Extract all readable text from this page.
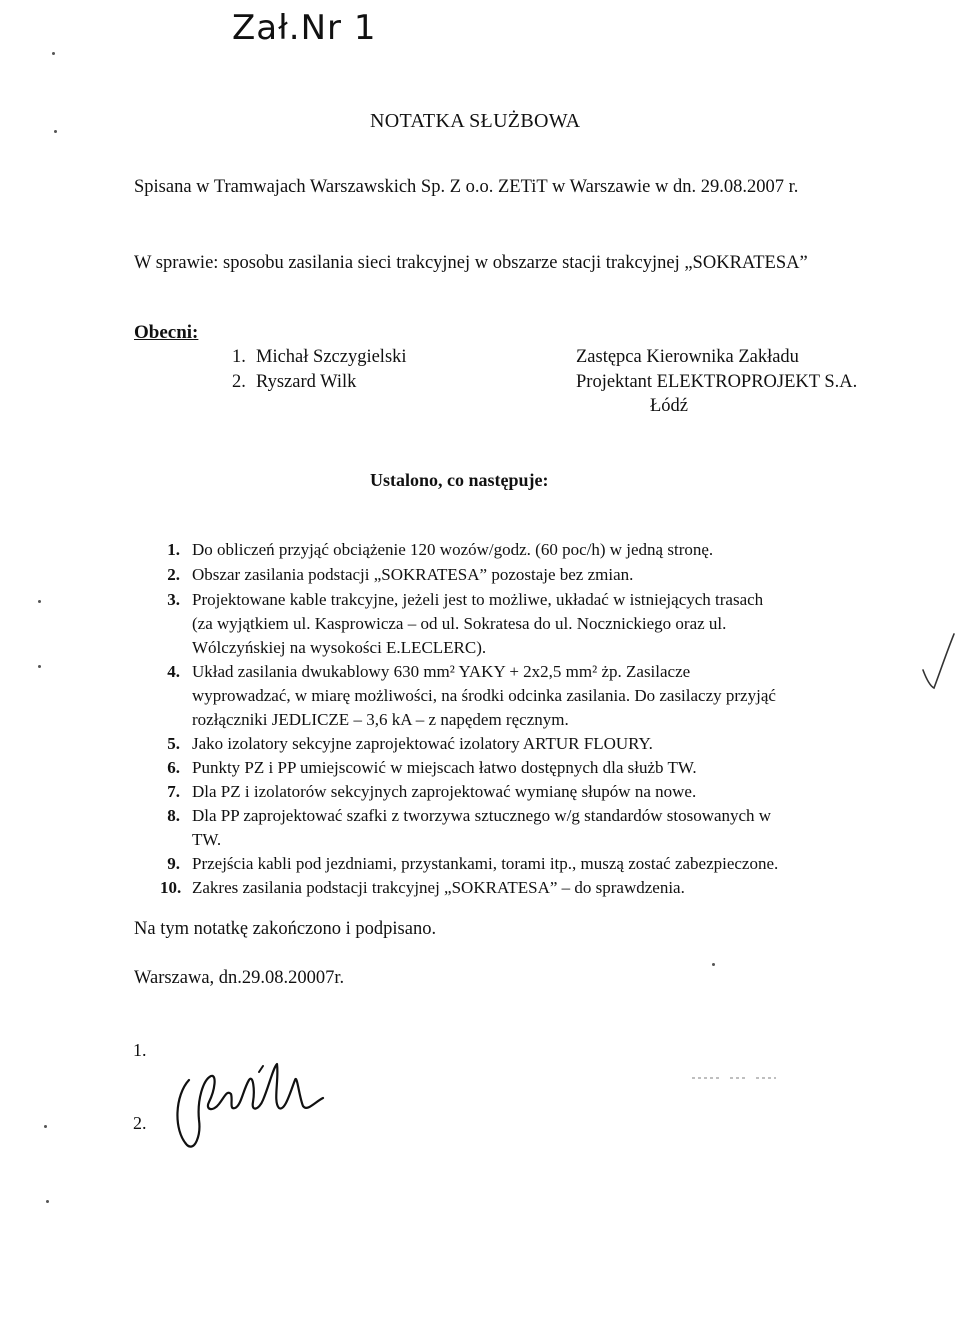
Zał.Nr 1
NOTATKA SŁUŻBOWA
Spisana w Tramwajach Warszawskich Sp. Z o.o. ZETiT w Warszawie w dn. 29.08.2007 r.
W sprawie: sposobu zasilania sieci trakcyjnej w obszarze stacji trakcyjnej „SOKRATESA”
Obecni:
1. Michał Szczygielski	Zastępca Kierownika Zakładu
2. Ryszard Wilk	Projektant ELEKTROPROJEKT S.A.
Łódź
Ustalono, co następuje:
1. Do obliczeń przyjąć obciążenie 120 wozów/godz. (60 poc/h) w jedną stronę.
2. Obszar zasilania podstacji „SOKRATESA” pozostaje bez zmian.
3. Projektowane kable trakcyjne, jeżeli jest to możliwe, układać w istniejących trasach
(za wyjątkiem ul. Kasprowicza – od ul. Sokratesa do ul. Nocznickiego oraz ul.
Wólczyńskiej na wysokości E.LECLERC).
4. Układ zasilania dwukablowy 630 mm² YAKY + 2x2,5 mm² żp. Zasilacze
wyprowadzać, w miarę możliwości, na środki odcinka zasilania. Do zasilaczy przyjąć
rozłączniki JEDLICZE – 3,6 kA – z napędem ręcznym.
5. Jako izolatory sekcyjne zaprojektować izolatory ARTUR FLOURY.
6. Punkty PZ i PP umiejscowić w miejscach łatwo dostępnych dla służb TW.
7. Dla PZ i izolatorów sekcyjnych zaprojektować wymianę słupów na nowe.
8. Dla PP zaprojektować szafki z tworzywa sztucznego w/g standardów stosowanych w
TW.
9. Przejścia kabli pod jezdniami, przystankami, torami itp., muszą zostać zabezpieczone.
10. Zakres zasilania podstacji trakcyjnej „SOKRATESA” – do sprawdzenia.
Na tym notatkę zakończono i podpisano.
Warszawa, dn.29.08.20007r.
1.
2.
